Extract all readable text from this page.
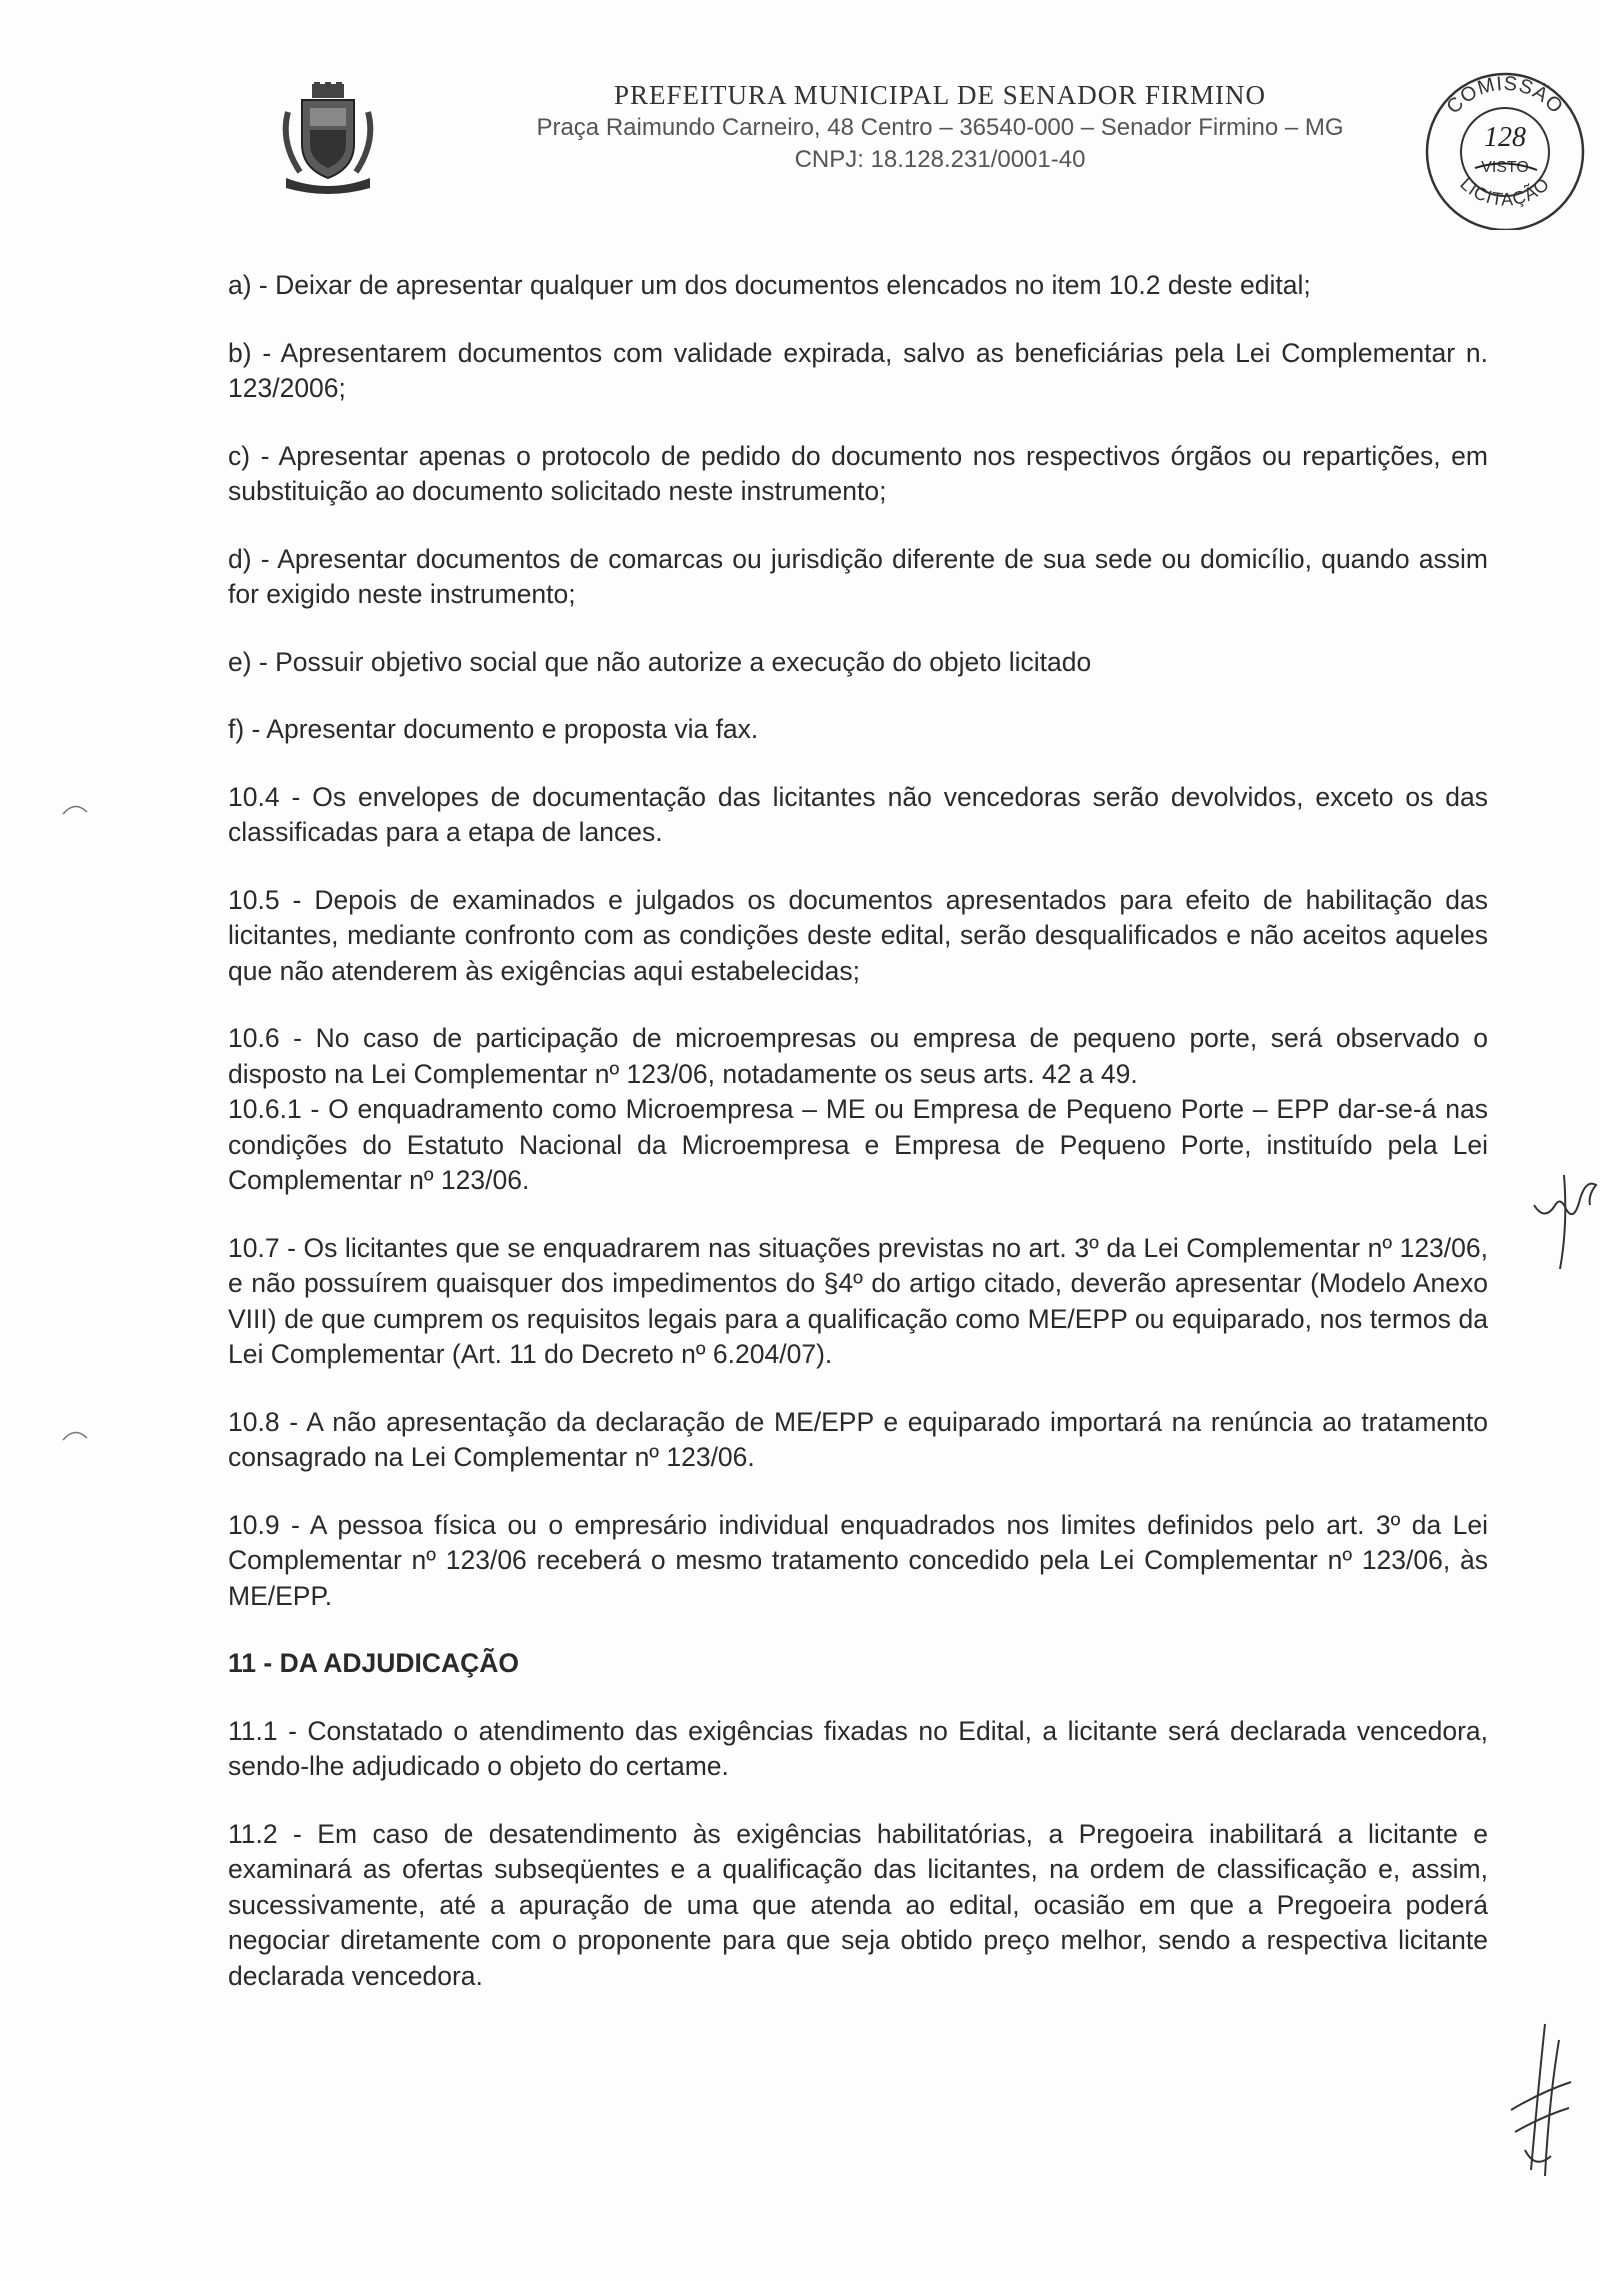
PREFEITURA MUNICIPAL DE SENADOR FIRMINO
Praça Raimundo Carneiro, 48 Centro – 36540-000 – Senador Firmino – MG
CNPJ: 18.128.231/0001-40
COMISSÃO
LICITAÇÃO
128
VISTO

a) - Deixar de apresentar qualquer um dos documentos elencados no item 10.2 deste edital;

b) - Apresentarem documentos com validade expirada, salvo as beneficiárias pela Lei Complementar n. 123/2006;

c) - Apresentar apenas o protocolo de pedido do documento nos respectivos órgãos ou repartições, em substituição ao documento solicitado neste instrumento;

d) - Apresentar documentos de comarcas ou jurisdição diferente de sua sede ou domicílio, quando assim for exigido neste instrumento;

e) - Possuir objetivo social que não autorize a execução do objeto licitado

f) - Apresentar documento e proposta via fax.

10.4 - Os envelopes de documentação das licitantes não vencedoras serão devolvidos, exceto os das classificadas para a etapa de lances.

10.5 - Depois de examinados e julgados os documentos apresentados para efeito de habilitação das licitantes, mediante confronto com as condições deste edital, serão desqualificados e não aceitos aqueles que não atenderem às exigências aqui estabelecidas;

10.6 - No caso de participação de microempresas ou empresa de pequeno porte, será observado o disposto na Lei Complementar nº 123/06, notadamente os seus arts. 42 a 49.

10.6.1 - O enquadramento como Microempresa – ME ou Empresa de Pequeno Porte – EPP dar-se-á nas condições do Estatuto Nacional da Microempresa e Empresa de Pequeno Porte, instituído pela Lei Complementar nº 123/06.

10.7 - Os licitantes que se enquadrarem nas situações previstas no art. 3º da Lei Complementar nº 123/06, e não possuírem quaisquer dos impedimentos do §4º do artigo citado, deverão apresentar (Modelo Anexo VIII) de que cumprem os requisitos legais para a qualificação como ME/EPP ou equiparado, nos termos da Lei Complementar (Art. 11 do Decreto nº 6.204/07).

10.8 - A não apresentação da declaração de ME/EPP e equiparado importará na renúncia ao tratamento consagrado na Lei Complementar nº 123/06.

10.9 - A pessoa física ou o empresário individual enquadrados nos limites definidos pelo art. 3º da Lei Complementar nº 123/06 receberá o mesmo tratamento concedido pela Lei Complementar nº 123/06, às ME/EPP.

11 - DA ADJUDICAÇÃO

11.1 - Constatado o atendimento das exigências fixadas no Edital, a licitante será declarada vencedora, sendo-lhe adjudicado o objeto do certame.

11.2 - Em caso de desatendimento às exigências habilitatórias, a Pregoeira inabilitará a licitante e examinará as ofertas subseqüentes e a qualificação das licitantes, na ordem de classificação e, assim, sucessivamente, até a apuração de uma que atenda ao edital, ocasião em que a Pregoeira poderá negociar diretamente com o proponente para que seja obtido preço melhor, sendo a respectiva licitante declarada vencedora.
